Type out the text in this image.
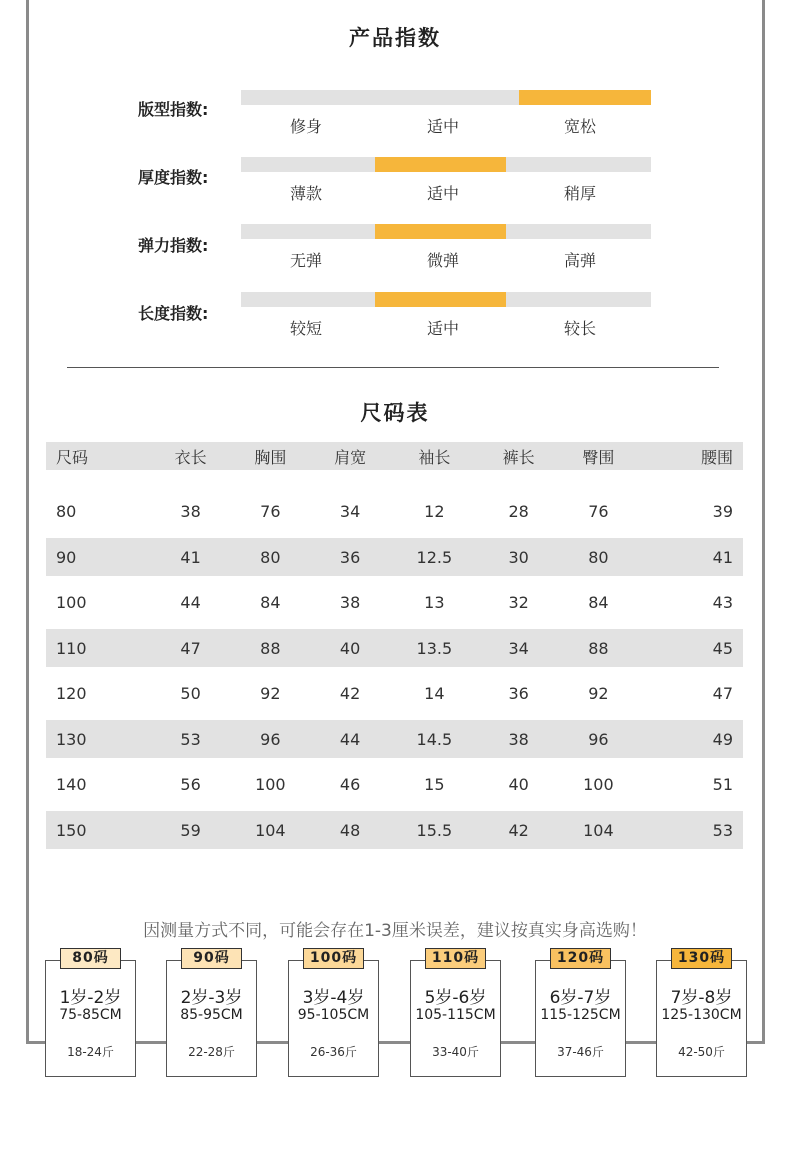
产品指数
版型指数:
修身	适中	宽松
厚度指数:
薄款	适中	稍厚
弹力指数:
无弹	微弹	高弹
长度指数:
较短	适中	较长
尺码表
尺码	衣长	胸围	肩宽	袖长	裤长	臀围	腰围

80	38	76	34	12	28	76	39
90	41	80	36	12.5	30	80	41
100	44	84	38	13	32	84	43
110	47	88	40	13.5	34	88	45
120	50	92	42	14	36	92	47
130	53	96	44	14.5	38	96	49
140	56	100	46	15	40	100	51
150	59	104	48	15.5	42	104	53
因测量方式不同，可能会存在1-3厘米误差，建议按真实身高选购！
1岁-2岁
75-85CM
18-24斤
80码
2岁-3岁
85-95CM
22-28斤
90码
3岁-4岁
95-105CM
26-36斤
100码
5岁-6岁
105-115CM
33-40斤
110码
6岁-7岁
115-125CM
37-46斤
120码
7岁-8岁
125-130CM
42-50斤
130码
